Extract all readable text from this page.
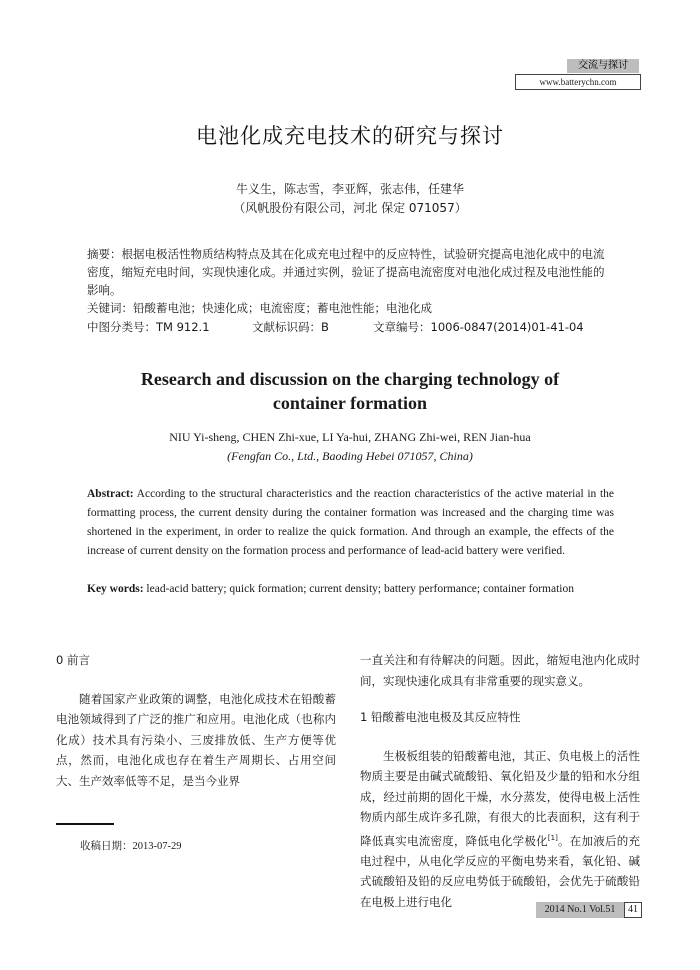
交流与探讨
www.batterychn.com
电池化成充电技术的研究与探讨
牛义生，陈志雪，李亚辉，张志伟，任建华
（风帆股份有限公司，河北 保定 071057）
摘要：根据电极活性物质结构特点及其在化成充电过程中的反应特性，试验研究提高电池化成中的电流密度，缩短充电时间，实现快速化成。并通过实例，验证了提高电流密度对电池化成过程及电池性能的影响。
关键词：铅酸蓄电池；快速化成；电流密度；蓄电池性能；电池化成
中图分类号：TM 912.1	文献标识码：B	文章编号：1006-0847(2014)01-41-04
Research and discussion on the charging technology of container formation
NIU Yi-sheng, CHEN Zhi-xue, LI Ya-hui, ZHANG Zhi-wei, REN Jian-hua
(Fengfan Co., Ltd., Baoding Hebei 071057, China)
Abstract: According to the structural characteristics and the reaction characteristics of the active material in the formatting process, the current density during the container formation was increased and the charging time was shortened in the experiment, in order to realize the quick formation. And through an example, the effects of the increase of current density on the formation process and performance of lead-acid battery were verified.
Key words: lead-acid battery; quick formation; current density; battery performance; container formation
0 前言
随着国家产业政策的调整，电池化成技术在铅酸蓄电池领域得到了广泛的推广和应用。电池化成（也称内化成）技术具有污染小、三废排放低、生产方便等优点，然而，电池化成也存在着生产周期长、占用空间大、生产效率低等不足，是当今业界
一直关注和有待解决的问题。因此，缩短电池内化成时间，实现快速化成具有非常重要的现实意义。
1 铅酸蓄电池电极及其反应特性
生极板组装的铅酸蓄电池，其正、负电极上的活性物质主要是由碱式硫酸铅、氧化铅及少量的铅和水分组成，经过前期的固化干燥，水分蒸发，使得电极上活性物质内部生成许多孔隙，有很大的比表面积，这有利于降低真实电流密度，降低电化学极化[1]。在加液后的充电过程中，从电化学反应的平衡电势来看，氧化铅、碱式硫酸铅及铅的反应电势低于硫酸铅，会优先于硫酸铅在电极上进行电化
收稿日期：2013-07-29
2014 No.1 Vol.51	41
